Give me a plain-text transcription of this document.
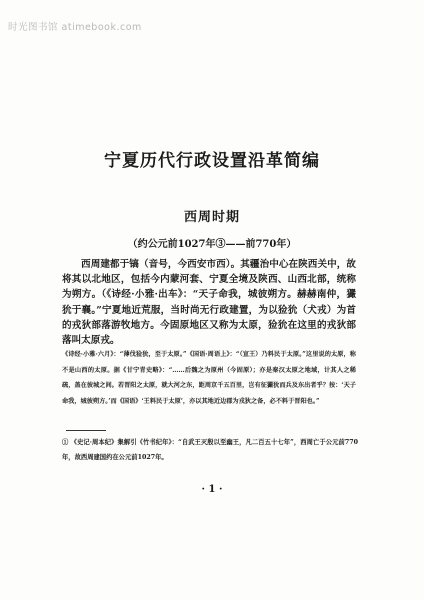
时光图书馆 atimebook.com
宁夏历代行政设置沿革简编
西周时期
（约公元前1027年③——前770年）
西周建都于镐（音号，今西安市西）。其疆治中心在陕西关中，故将其以北地区，包括今内蒙河套、宁夏全境及陕西、山西北部，统称为朔方。（《诗经·小雅·出车》：“天子命我，城彼朔方。赫赫南仲，玁狁于襄。”宁夏地近荒服，当时尚无行政建置，为以猃狁（犬戎）为首的戎狄部落游牧地方。今固原地区又称为太原，猃狁在这里的戎狄部落叫太原戎。
《诗经·小雅·六月》：“薄伐猃狁，至于太原。”《国语·周语上》：“（宣王）乃料民于太原。”这里说的太原，称不是山西的太原。据《甘宁青史略》：“……后魏之为原州（今固原）；亦是秦汉太原之地域，计其人之稀疏，盖在彼城之间。若晋阳之太原，就大河之东，距周京千五百里，岂有征玁狁而兵及东出者乎？按：‘天子命我，城彼朔方。’而《国语》‘王料民于太原’，亦以其地近边郡为戎狄之备，必不料于晋阳也。”
① 《史记·周本纪》集解引《竹书纪年》：“自武王灭殷以至幽王，凡二百五十七年”，西周亡于公元前770年，故西周建国约在公元前1027年。
· 1 ·
